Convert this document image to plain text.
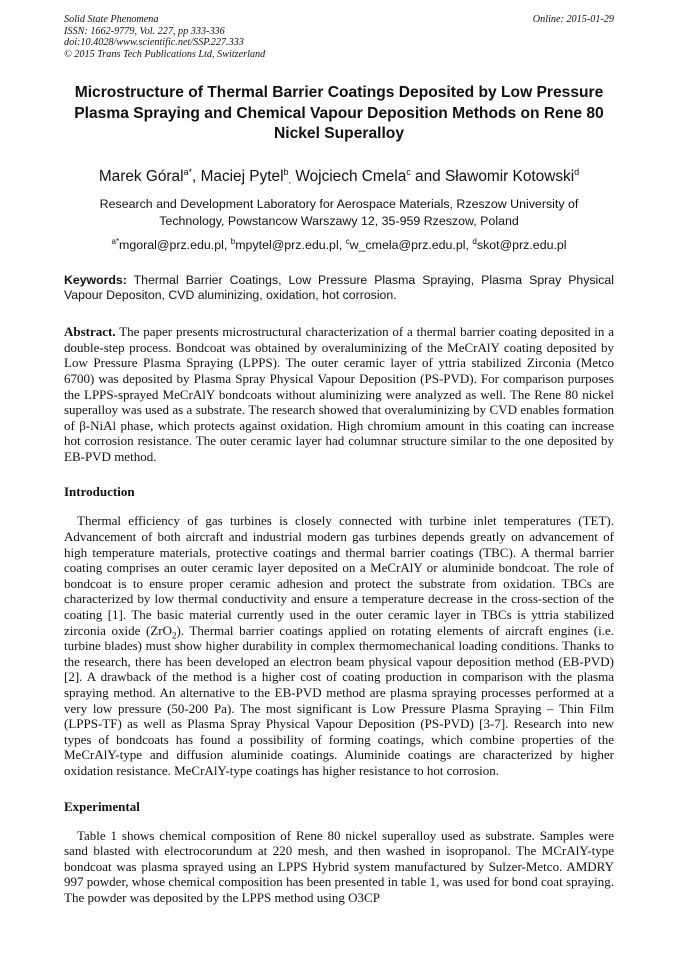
Solid State Phenomena
ISSN: 1662-9779, Vol. 227, pp 333-336
doi:10.4028/www.scientific.net/SSP.227.333
© 2015 Trans Tech Publications Ltd, Switzerland
Online: 2015-01-29
Microstructure of Thermal Barrier Coatings Deposited by Low Pressure Plasma Spraying and Chemical Vapour Deposition Methods on Rene 80 Nickel Superalloy
Marek Góral$^{a*}$, Maciej Pytel$^b$, Wojciech Cmela$^c$ and Sławomir Kotowski$^d$
Research and Development Laboratory for Aerospace Materials, Rzeszow University of Technology, Powstancow Warszawy 12, 35-959 Rzeszow, Poland
$^{a*}$mgoral@prz.edu.pl, $^b$mpytel@prz.edu.pl, $^c$w_cmela@prz.edu.pl, $^d$skot@prz.edu.pl
Keywords: Thermal Barrier Coatings, Low Pressure Plasma Spraying, Plasma Spray Physical Vapour Depositon, CVD aluminizing, oxidation, hot corrosion.
Abstract. The paper presents microstructural characterization of a thermal barrier coating deposited in a double-step process. Bondcoat was obtained by overaluminizing of the MeCrAlY coating deposited by Low Pressure Plasma Spraying (LPPS). The outer ceramic layer of yttria stabilized Zirconia (Metco 6700) was deposited by Plasma Spray Physical Vapour Deposition (PS-PVD). For comparison purposes the LPPS-sprayed MeCrAlY bondcoats without aluminizing were analyzed as well. The Rene 80 nickel superalloy was used as a substrate. The research showed that overaluminizing by CVD enables formation of β-NiAl phase, which protects against oxidation. High chromium amount in this coating can increase hot corrosion resistance. The outer ceramic layer had columnar structure similar to the one deposited by EB-PVD method.
Introduction
Thermal efficiency of gas turbines is closely connected with turbine inlet temperatures (TET). Advancement of both aircraft and industrial modern gas turbines depends greatly on advancement of high temperature materials, protective coatings and thermal barrier coatings (TBC). A thermal barrier coating comprises an outer ceramic layer deposited on a MeCrAlY or aluminide bondcoat. The role of bondcoat is to ensure proper ceramic adhesion and protect the substrate from oxidation. TBCs are characterized by low thermal conductivity and ensure a temperature decrease in the cross-section of the coating [1]. The basic material currently used in the outer ceramic layer in TBCs is yttria stabilized zirconia oxide (ZrO$_2$). Thermal barrier coatings applied on rotating elements of aircraft engines (i.e. turbine blades) must show higher durability in complex thermomechanical loading conditions. Thanks to the research, there has been developed an electron beam physical vapour deposition method (EB-PVD) [2]. A drawback of the method is a higher cost of coating production in comparison with the plasma spraying method. An alternative to the EB-PVD method are plasma spraying processes performed at a very low pressure (50-200 Pa). The most significant is Low Pressure Plasma Spraying – Thin Film (LPPS-TF) as well as Plasma Spray Physical Vapour Deposition (PS-PVD) [3-7]. Research into new types of bondcoats has found a possibility of forming coatings, which combine properties of the MeCrAlY-type and diffusion aluminide coatings. Aluminide coatings are characterized by higher oxidation resistance. MeCrAlY-type coatings has higher resistance to hot corrosion.
Experimental
Table 1 shows chemical composition of Rene 80 nickel superalloy used as substrate. Samples were sand blasted with electrocorundum at 220 mesh, and then washed in isopropanol. The MCrAlY-type bondcoat was plasma sprayed using an LPPS Hybrid system manufactured by Sulzer-Metco. AMDRY 997 powder, whose chemical composition has been presented in table 1, was used for bond coat spraying. The powder was deposited by the LPPS method using O3CP
